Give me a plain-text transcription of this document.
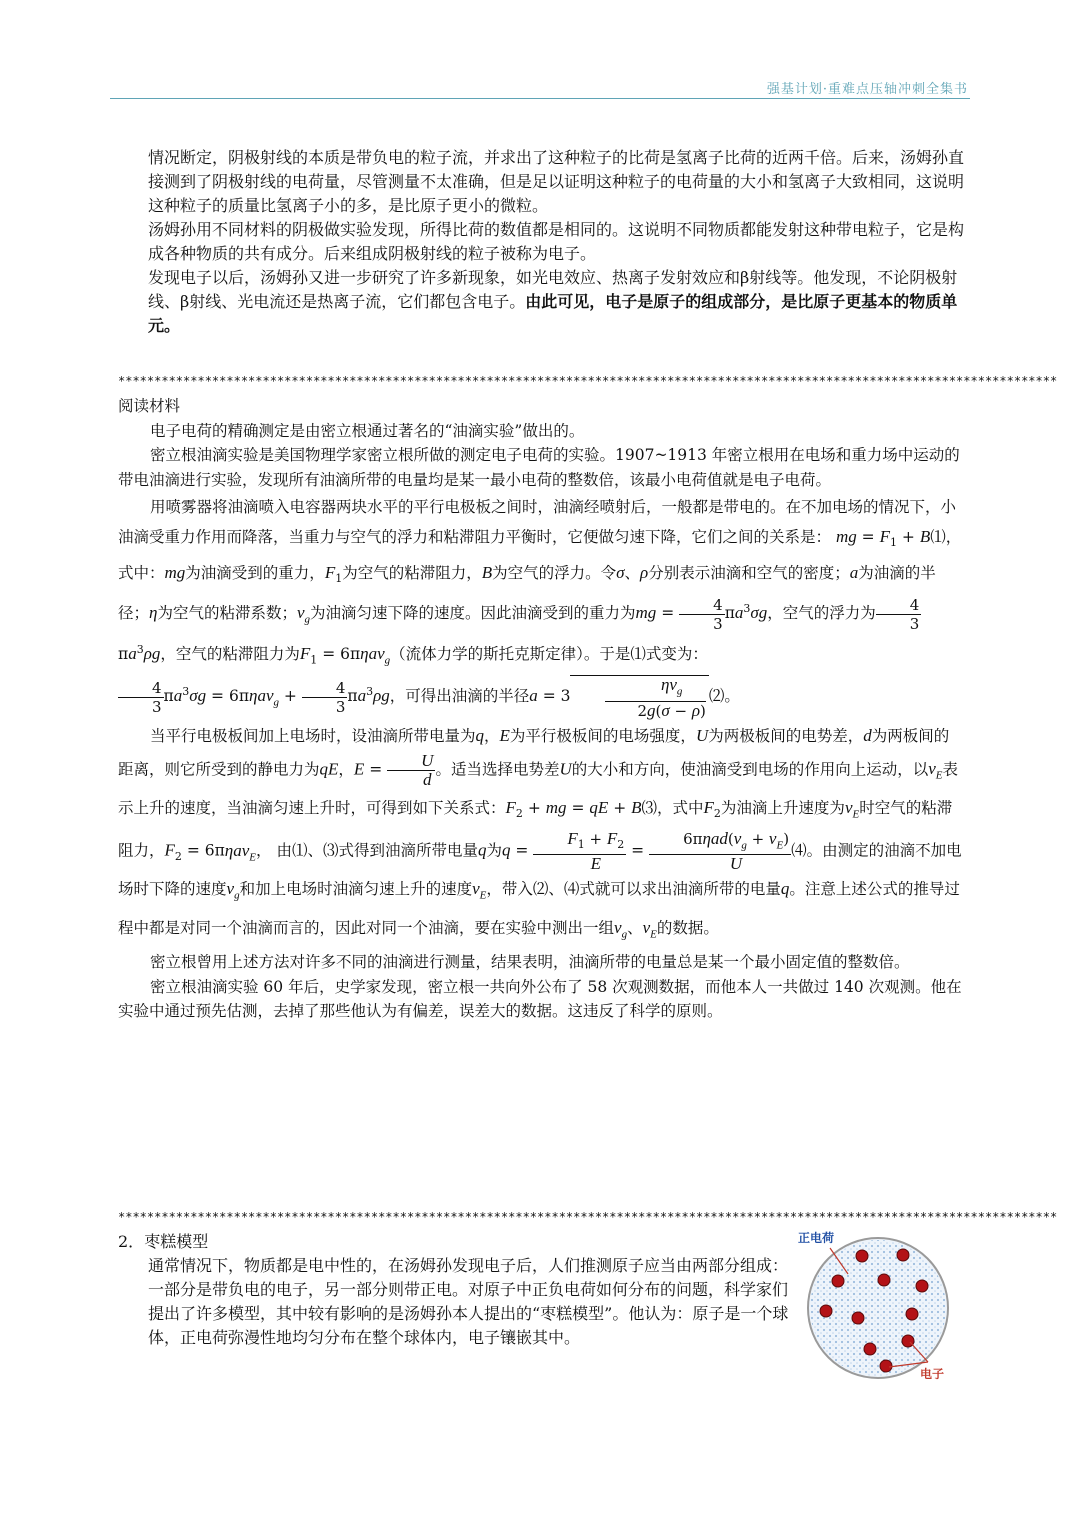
强基计划·重难点压轴冲刺全集书

情况断定，阴极射线的本质是带负电的粒子流，并求出了这种粒子的比荷是氢离子比荷的近两千倍。后来，汤姆孙直接测到了阴极射线的电荷量，尽管测量不太准确，但是足以证明这种粒子的电荷量的大小和氢离子大致相同，这说明这种粒子的质量比氢离子小的多，是比原子更小的微粒。

汤姆孙用不同材料的阴极做实验发现，所得比荷的数值都是相同的。这说明不同物质都能发射这种带电粒子，它是构成各种物质的共有成分。后来组成阴极射线的粒子被称为电子。

发现电子以后，汤姆孙又进一步研究了许多新现象，如光电效应、热离子发射效应和β射线等。他发现，不论阴极射线、β射线、光电流还是热离子流，它们都包含电子。由此可见，电子是原子的组成部分，是比原子更基本的物质单元。

**********************************************************************************************************************************
阅读材料

电子电荷的精确测定是由密立根通过著名的“油滴实验”做出的。

密立根油滴实验是美国物理学家密立根所做的测定电子电荷的实验。1907~1913 年密立根用在电场和重力场中运动的带电油滴进行实验，发现所有油滴所带的电量均是某一最小电荷的整数倍，该最小电荷值就是电子电荷。

用喷雾器将油滴喷入电容器两块水平的平行电极板之间时，油滴经喷射后，一般都是带电的。在不加电场的情况下，小油滴受重力作用而降落，当重力与空气的浮力和粘滞阻力平衡时，它便做匀速下降，它们之间的关系是： mg = $F_1$ + B⑴，式中：mg为油滴受到的重力，$F_1$为空气的粘滞阻力，B为空气的浮力。令σ、ρ分别表示油滴和空气的密度；a为油滴的半径；η为空气的粘滞系数；$v_g$为油滴匀速下降的速度。因此油滴受到的重力为mg = $\frac{4}{3} \pi a^3\sigma g$，空气的浮力为 $\frac{4}{3}$
$\pi a^3\rho g$，空气的粘滞阻力为$F_1 = 6\pi\eta av_g$（流体力学的斯托克斯定律）。于是⑴式变为：

$\frac{4}{3} \pi a^3\sigma g = 6\pi\eta av_g + \frac{4}{3} \pi a^3\rho g$，可得出油滴的半径$a = 3 \frac{\eta v_g}{2g(\sigma - \rho)}$ ⑵。

当平行电极板间加上电场时，设油滴所带电量为q，E为平行极板间的电场强度，U为两极板间的电势差，d为两板间的距离，则它所受到的静电力为qE，$E = \frac{U}{d}$ 。适当选择电势差U的大小和方向，使油滴受到电场的作用向上运动，以$v_E$表示上升的速度，当油滴匀速上升时，可得到如下关系式：$F_2$ + mg = qE + B⑶，式中$F_2$为油滴上升速度为$v_E$时空气的粘滞阻力，$F_2 = 6\pi\eta av_E$， 由⑴、⑶式得到油滴所带电量q为$q = \frac{F_1 + F_2}{E} = \frac{6\pi\eta ad(v_g + v_E)}{U}$ ⑷。由测定的油滴不加电场时下降的速度$v_g$和加上电场时油滴匀速上升的速度$v_E$，带入⑵、⑷式就可以求出油滴所带的电量q。注意上述公式的推导过程中都是对同一个油滴而言的，因此对同一个油滴，要在实验中测出一组$v_g$、$v_E$的数据。

密立根曾用上述方法对许多不同的油滴进行测量，结果表明，油滴所带的电量总是某一个最小固定值的整数倍。

密立根油滴实验 60 年后，史学家发现，密立根一共向外公布了 58 次观测数据，而他本人一共做过 140 次观测。他在实验中通过预先估测，去掉了那些他认为有偏差，误差大的数据。这违反了科学的原则。

**********************************************************************************************************************************
2．枣糕模型

通常情况下，物质都是电中性的，在汤姆孙发现电子后，人们推测原子应当由两部分组成：一部分是带负电的电子，另一部分则带正电。对原子中正负电荷如何分布的问题，科学家们提出了许多模型，其中较有影响的是汤姆孙本人提出的“枣糕模型”。他认为：原子是一个球体，正电荷弥漫性地均匀分布在整个球体内，电子镶嵌其中。

正电荷
电子
